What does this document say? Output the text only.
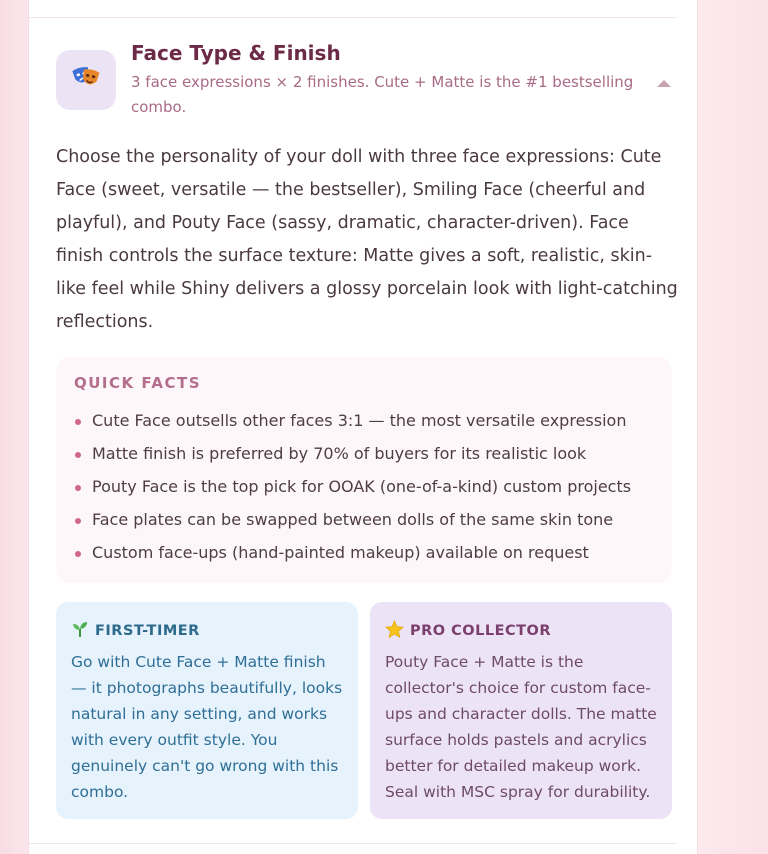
Face Type & Finish
3 face expressions × 2 finishes. Cute + Matte is the #1 bestselling combo.

Choose the personality of your doll with three face expressions: Cute Face (sweet, versatile — the bestseller), Smiling Face (cheerful and playful), and Pouty Face (sassy, dramatic, character-driven). Face finish controls the surface texture: Matte gives a soft, realistic, skin-like feel while Shiny delivers a glossy porcelain look with light-catching reflections.

QUICK FACTS
Cute Face outsells other faces 3:1 — the most versatile expression
Matte finish is preferred by 70% of buyers for its realistic look
Pouty Face is the top pick for OOAK (one-of-a-kind) custom projects
Face plates can be swapped between dolls of the same skin tone
Custom face-ups (hand-painted makeup) available on request
FIRST-TIMER
Go with Cute Face + Matte finish — it photographs beautifully, looks natural in any setting, and works with every outfit style. You genuinely can't go wrong with this combo.
PRO COLLECTOR
Pouty Face + Matte is the collector's choice for custom face-ups and character dolls. The matte surface holds pastels and acrylics better for detailed makeup work. Seal with MSC spray for durability.
